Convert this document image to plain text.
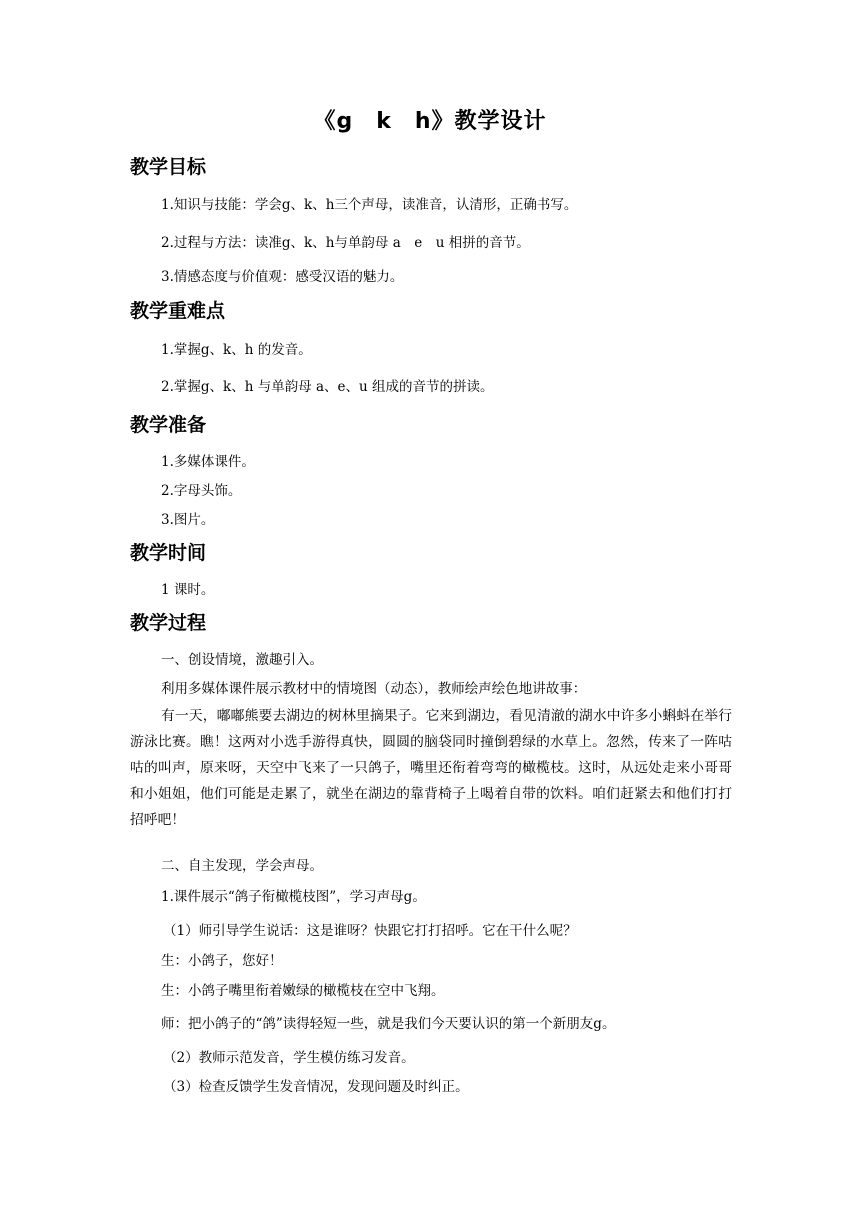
《g　k　h》教学设计
教学目标
1.知识与技能：学会g、k、h三个声母，读准音，认清形，正确书写。
2.过程与方法：读准g、k、h与单韵母 a　e　u 相拼的音节。
3.情感态度与价值观：感受汉语的魅力。
教学重难点
1.掌握g、k、h 的发音。
2.掌握g、k、h 与单韵母 a、e、u 组成的音节的拼读。
教学准备
1.多媒体课件。
2.字母头饰。
3.图片。
教学时间
1 课时。
教学过程
一、创设情境，激趣引入。
利用多媒体课件展示教材中的情境图（动态），教师绘声绘色地讲故事：
有一天，嘟嘟熊要去湖边的树林里摘果子。它来到湖边，看见清澈的湖水中许多小蝌蚪在举行游泳比赛。瞧！这两对小选手游得真快，圆圆的脑袋同时撞倒碧绿的水草上。忽然，传来了一阵咕咕的叫声，原来呀，天空中飞来了一只鸽子，嘴里还衔着弯弯的橄榄枝。这时，从远处走来小哥哥和小姐姐，他们可能是走累了，就坐在湖边的靠背椅子上喝着自带的饮料。咱们赶紧去和他们打打招呼吧！
二、自主发现，学会声母。
1.课件展示“鸽子衔橄榄枝图”，学习声母g。
（1）师引导学生说话：这是谁呀？快跟它打打招呼。它在干什么呢？
生：小鸽子，您好！
生：小鸽子嘴里衔着嫩绿的橄榄枝在空中飞翔。
师：把小鸽子的“鸽”读得轻短一些，就是我们今天要认识的第一个新朋友g。
（2）教师示范发音，学生模仿练习发音。
（3）检查反馈学生发音情况，发现问题及时纠正。
